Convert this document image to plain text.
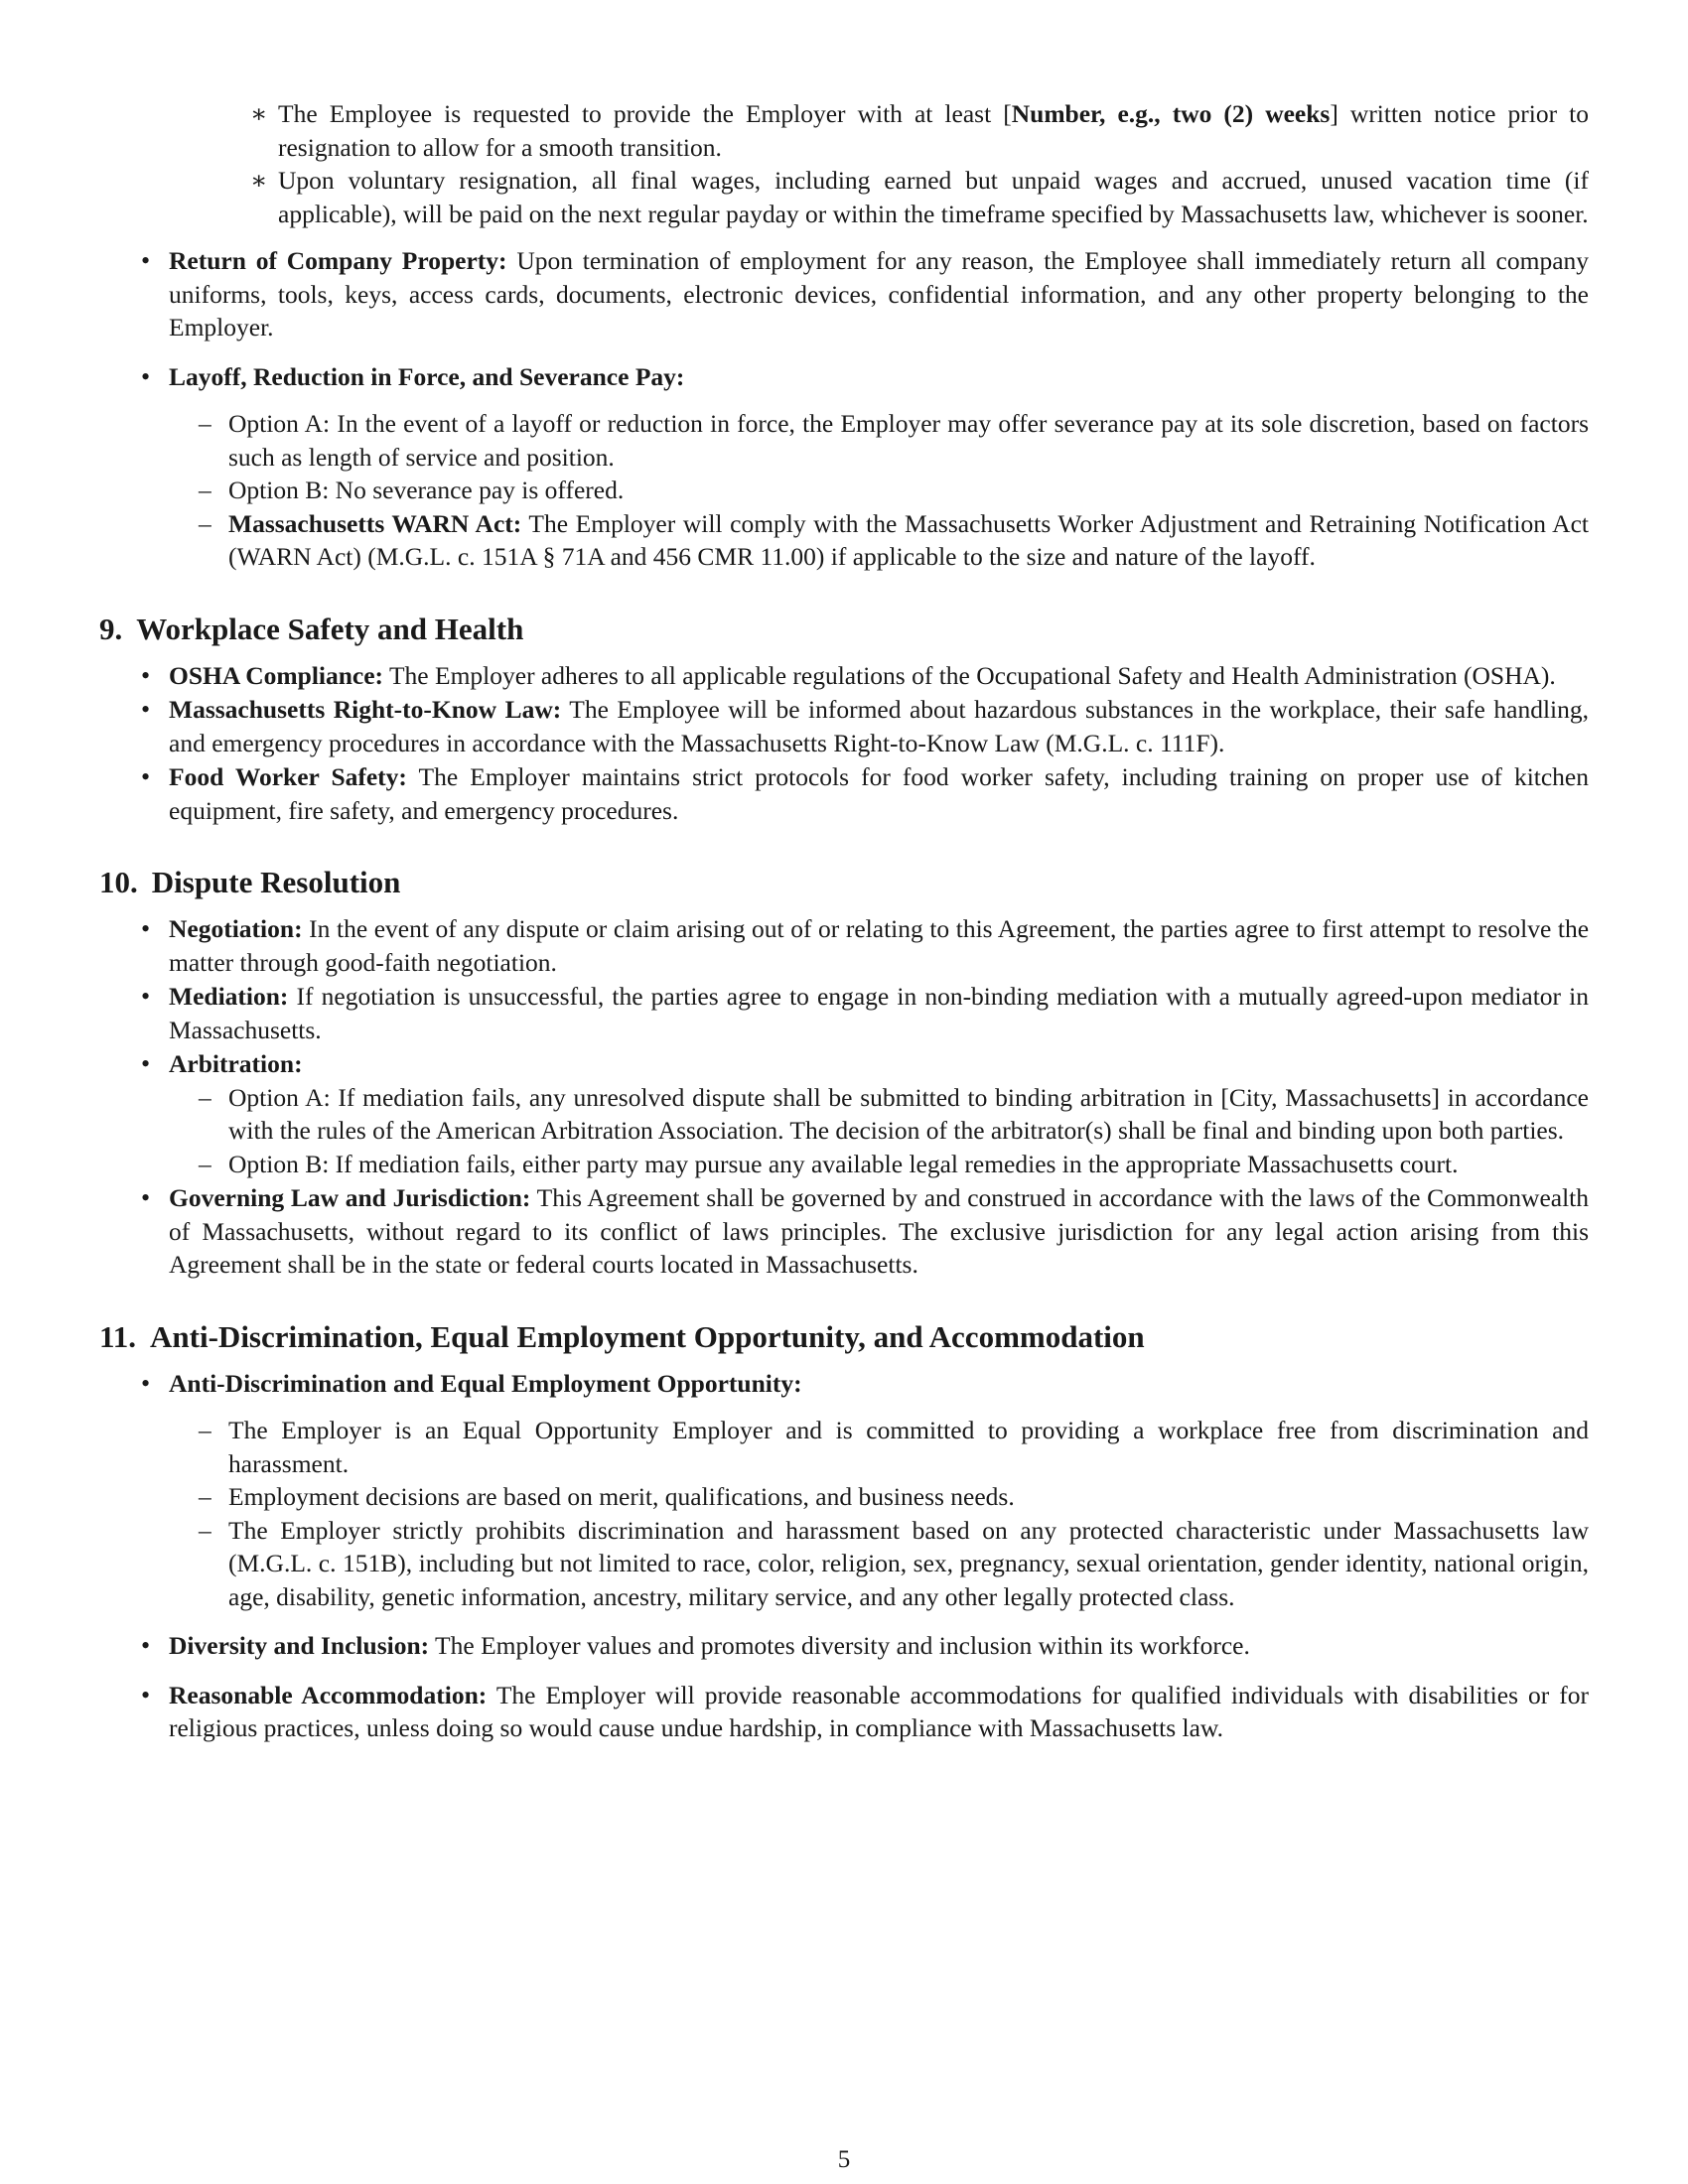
∗ The Employee is requested to provide the Employer with at least [Number, e.g., two (2) weeks] written notice prior to resignation to allow for a smooth transition.
∗ Upon voluntary resignation, all final wages, including earned but unpaid wages and accrued, unused vacation time (if applicable), will be paid on the next regular payday or within the timeframe specified by Massachusetts law, whichever is sooner.
• Return of Company Property: Upon termination of employment for any reason, the Employee shall immediately return all company uniforms, tools, keys, access cards, documents, electronic devices, confidential information, and any other property belonging to the Employer.
• Layoff, Reduction in Force, and Severance Pay:
– Option A: In the event of a layoff or reduction in force, the Employer may offer severance pay at its sole discretion, based on factors such as length of service and position.
– Option B: No severance pay is offered.
– Massachusetts WARN Act: The Employer will comply with the Massachusetts Worker Adjustment and Retraining Notification Act (WARN Act) (M.G.L. c. 151A § 71A and 456 CMR 11.00) if applicable to the size and nature of the layoff.
9. Workplace Safety and Health
• OSHA Compliance: The Employer adheres to all applicable regulations of the Occupational Safety and Health Administration (OSHA).
• Massachusetts Right-to-Know Law: The Employee will be informed about hazardous substances in the workplace, their safe handling, and emergency procedures in accordance with the Massachusetts Right-to-Know Law (M.G.L. c. 111F).
• Food Worker Safety: The Employer maintains strict protocols for food worker safety, including training on proper use of kitchen equipment, fire safety, and emergency procedures.
10. Dispute Resolution
• Negotiation: In the event of any dispute or claim arising out of or relating to this Agreement, the parties agree to first attempt to resolve the matter through good-faith negotiation.
• Mediation: If negotiation is unsuccessful, the parties agree to engage in non-binding mediation with a mutually agreed-upon mediator in Massachusetts.
• Arbitration:
– Option A: If mediation fails, any unresolved dispute shall be submitted to binding arbitration in [City, Massachusetts] in accordance with the rules of the American Arbitration Association. The decision of the arbitrator(s) shall be final and binding upon both parties.
– Option B: If mediation fails, either party may pursue any available legal remedies in the appropriate Massachusetts court.
• Governing Law and Jurisdiction: This Agreement shall be governed by and construed in accordance with the laws of the Commonwealth of Massachusetts, without regard to its conflict of laws principles. The exclusive jurisdiction for any legal action arising from this Agreement shall be in the state or federal courts located in Massachusetts.
11. Anti-Discrimination, Equal Employment Opportunity, and Accommodation
• Anti-Discrimination and Equal Employment Opportunity:
– The Employer is an Equal Opportunity Employer and is committed to providing a workplace free from discrimination and harassment.
– Employment decisions are based on merit, qualifications, and business needs.
– The Employer strictly prohibits discrimination and harassment based on any protected characteristic under Massachusetts law (M.G.L. c. 151B), including but not limited to race, color, religion, sex, pregnancy, sexual orientation, gender identity, national origin, age, disability, genetic information, ancestry, military service, and any other legally protected class.
• Diversity and Inclusion: The Employer values and promotes diversity and inclusion within its workforce.
• Reasonable Accommodation: The Employer will provide reasonable accommodations for qualified individuals with disabilities or for religious practices, unless doing so would cause undue hardship, in compliance with Massachusetts law.
5
